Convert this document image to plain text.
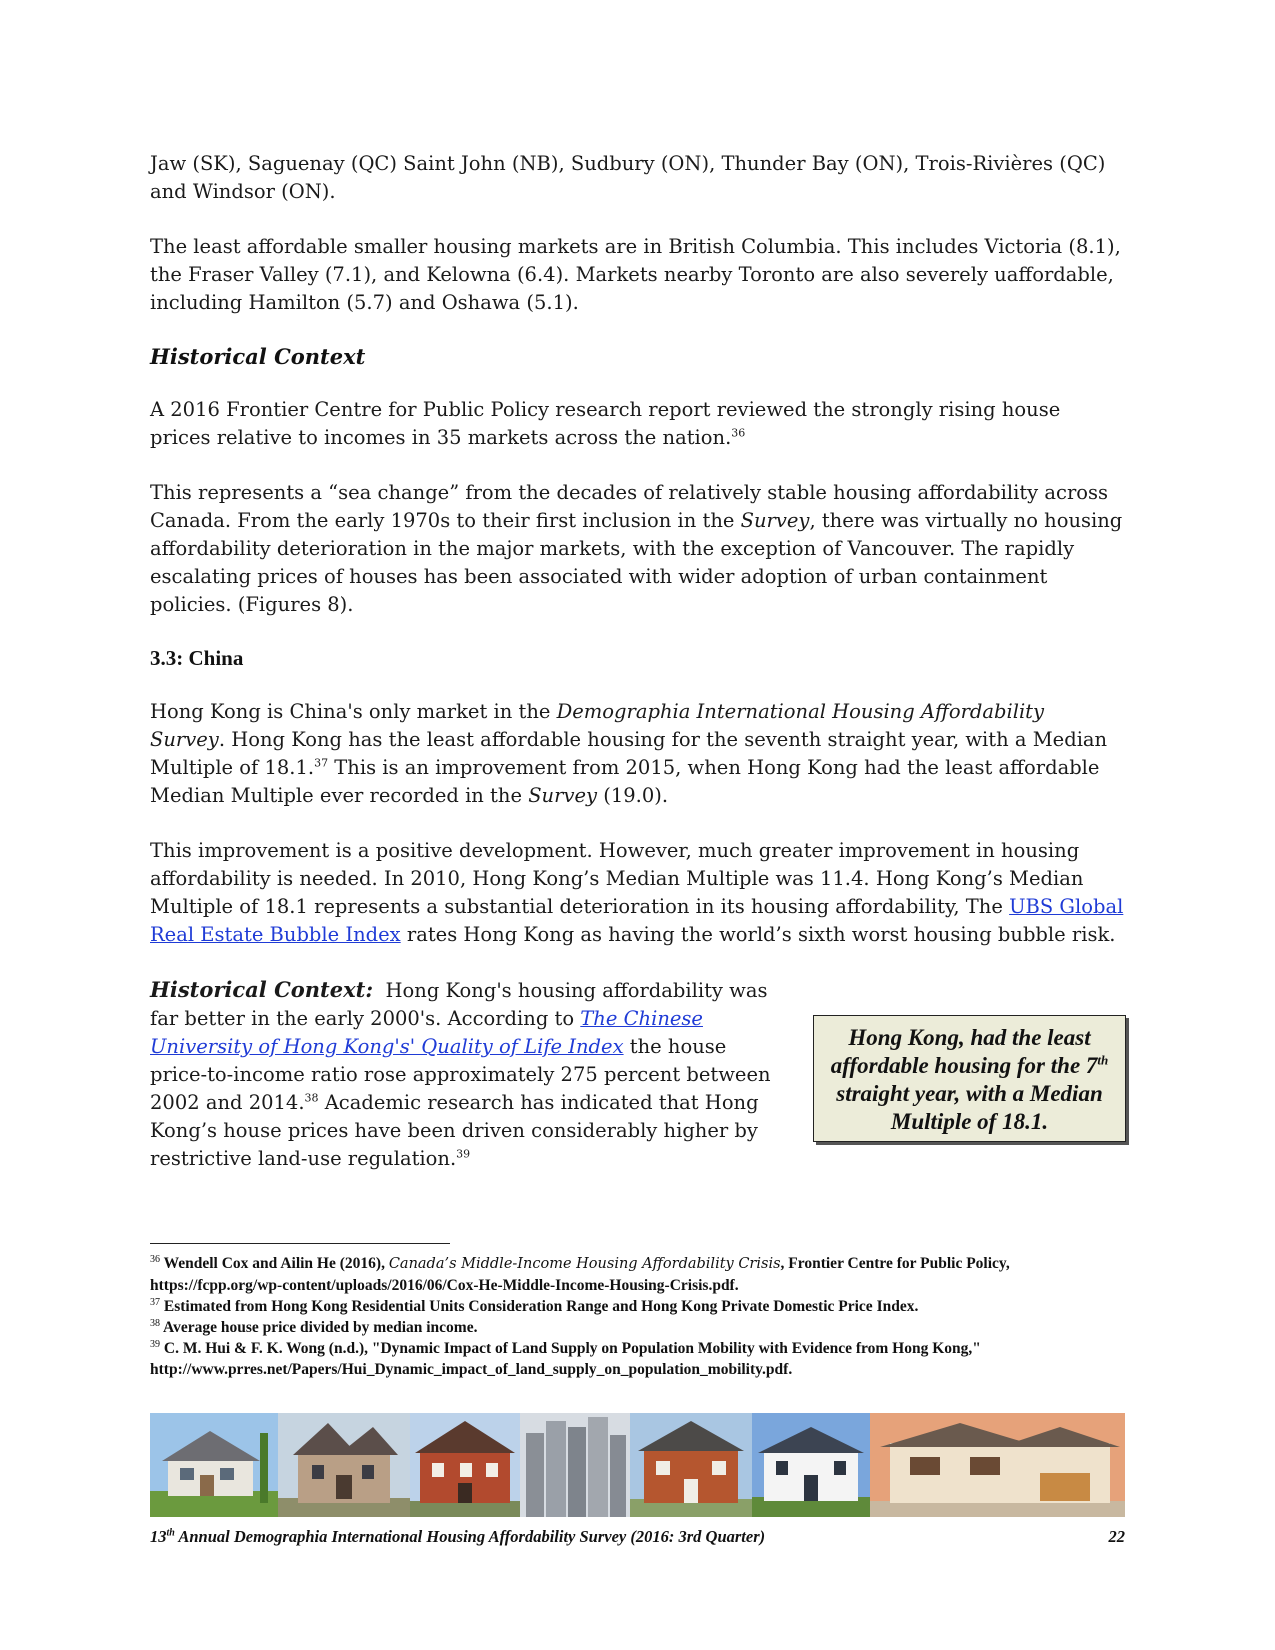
Jaw (SK), Saguenay (QC) Saint John (NB), Sudbury (ON), Thunder Bay (ON), Trois-Rivières (QC) and Windsor (ON).

The least affordable smaller housing markets are in British Columbia. This includes Victoria (8.1), the Fraser Valley (7.1), and Kelowna (6.4). Markets nearby Toronto are also severely uaffordable, including Hamilton (5.7) and Oshawa (5.1).

Historical Context

A 2016 Frontier Centre for Public Policy research report reviewed the strongly rising house prices relative to incomes in 35 markets across the nation.$^{36}$

This represents a “sea change” from the decades of relatively stable housing affordability across Canada. From the early 1970s to their first inclusion in the Survey, there was virtually no housing affordability deterioration in the major markets, with the exception of Vancouver. The rapidly escalating prices of houses has been associated with wider adoption of urban containment policies. (Figures 8).

3.3: China

Hong Kong is China's only market in the Demographia International Housing Affordability Survey. Hong Kong has the least affordable housing for the seventh straight year, with a Median Multiple of 18.1.37 This is an improvement from 2015, when Hong Kong had the least affordable Median Multiple ever recorded in the Survey (19.0).

This improvement is a positive development. However, much greater improvement in housing affordability is needed. In 2010, Hong Kong’s Median Multiple was 11.4. Hong Kong’s Median Multiple of 18.1 represents a substantial deterioration in its housing affordability, The UBS Global Real Estate Bubble Index rates Hong Kong as having the world’s sixth worst housing bubble risk.

Historical Context: Hong Kong's housing affordability was far better in the early 2000's. According to The Chinese University of Hong Kong's' Quality of Life Index the house price-to-income ratio rose approximately 275 percent between 2002 and 2014.38 Academic research has indicated that Hong Kong’s house prices have been driven considerably higher by restrictive land-use regulation.$^{39}$

Hong Kong, had the least affordable housing for the 7th straight year, with a Median Multiple of 18.1.

$^{36}$ Wendell Cox and Ailin He (2016), Canada’s Middle-Income Housing Affordability Crisis, Frontier Centre for Public Policy, https://fcpp.org/wp-content/uploads/2016/06/Cox-He-Middle-Income-Housing-Crisis.pdf.

$^{37}$ Estimated from Hong Kong Residential Units Consideration Range and Hong Kong Private Domestic Price Index.

$^{38}$ Average house price divided by median income.

$^{39}$ C. M. Hui & F. K. Wong (n.d.), "Dynamic Impact of Land Supply on Population Mobility with Evidence from Hong Kong," http://www.prres.net/Papers/Hui_Dynamic_impact_of_land_supply_on_population_mobility.pdf.

13th Annual Demographia International Housing Affordability Survey (2016: 3rd Quarter)	22
